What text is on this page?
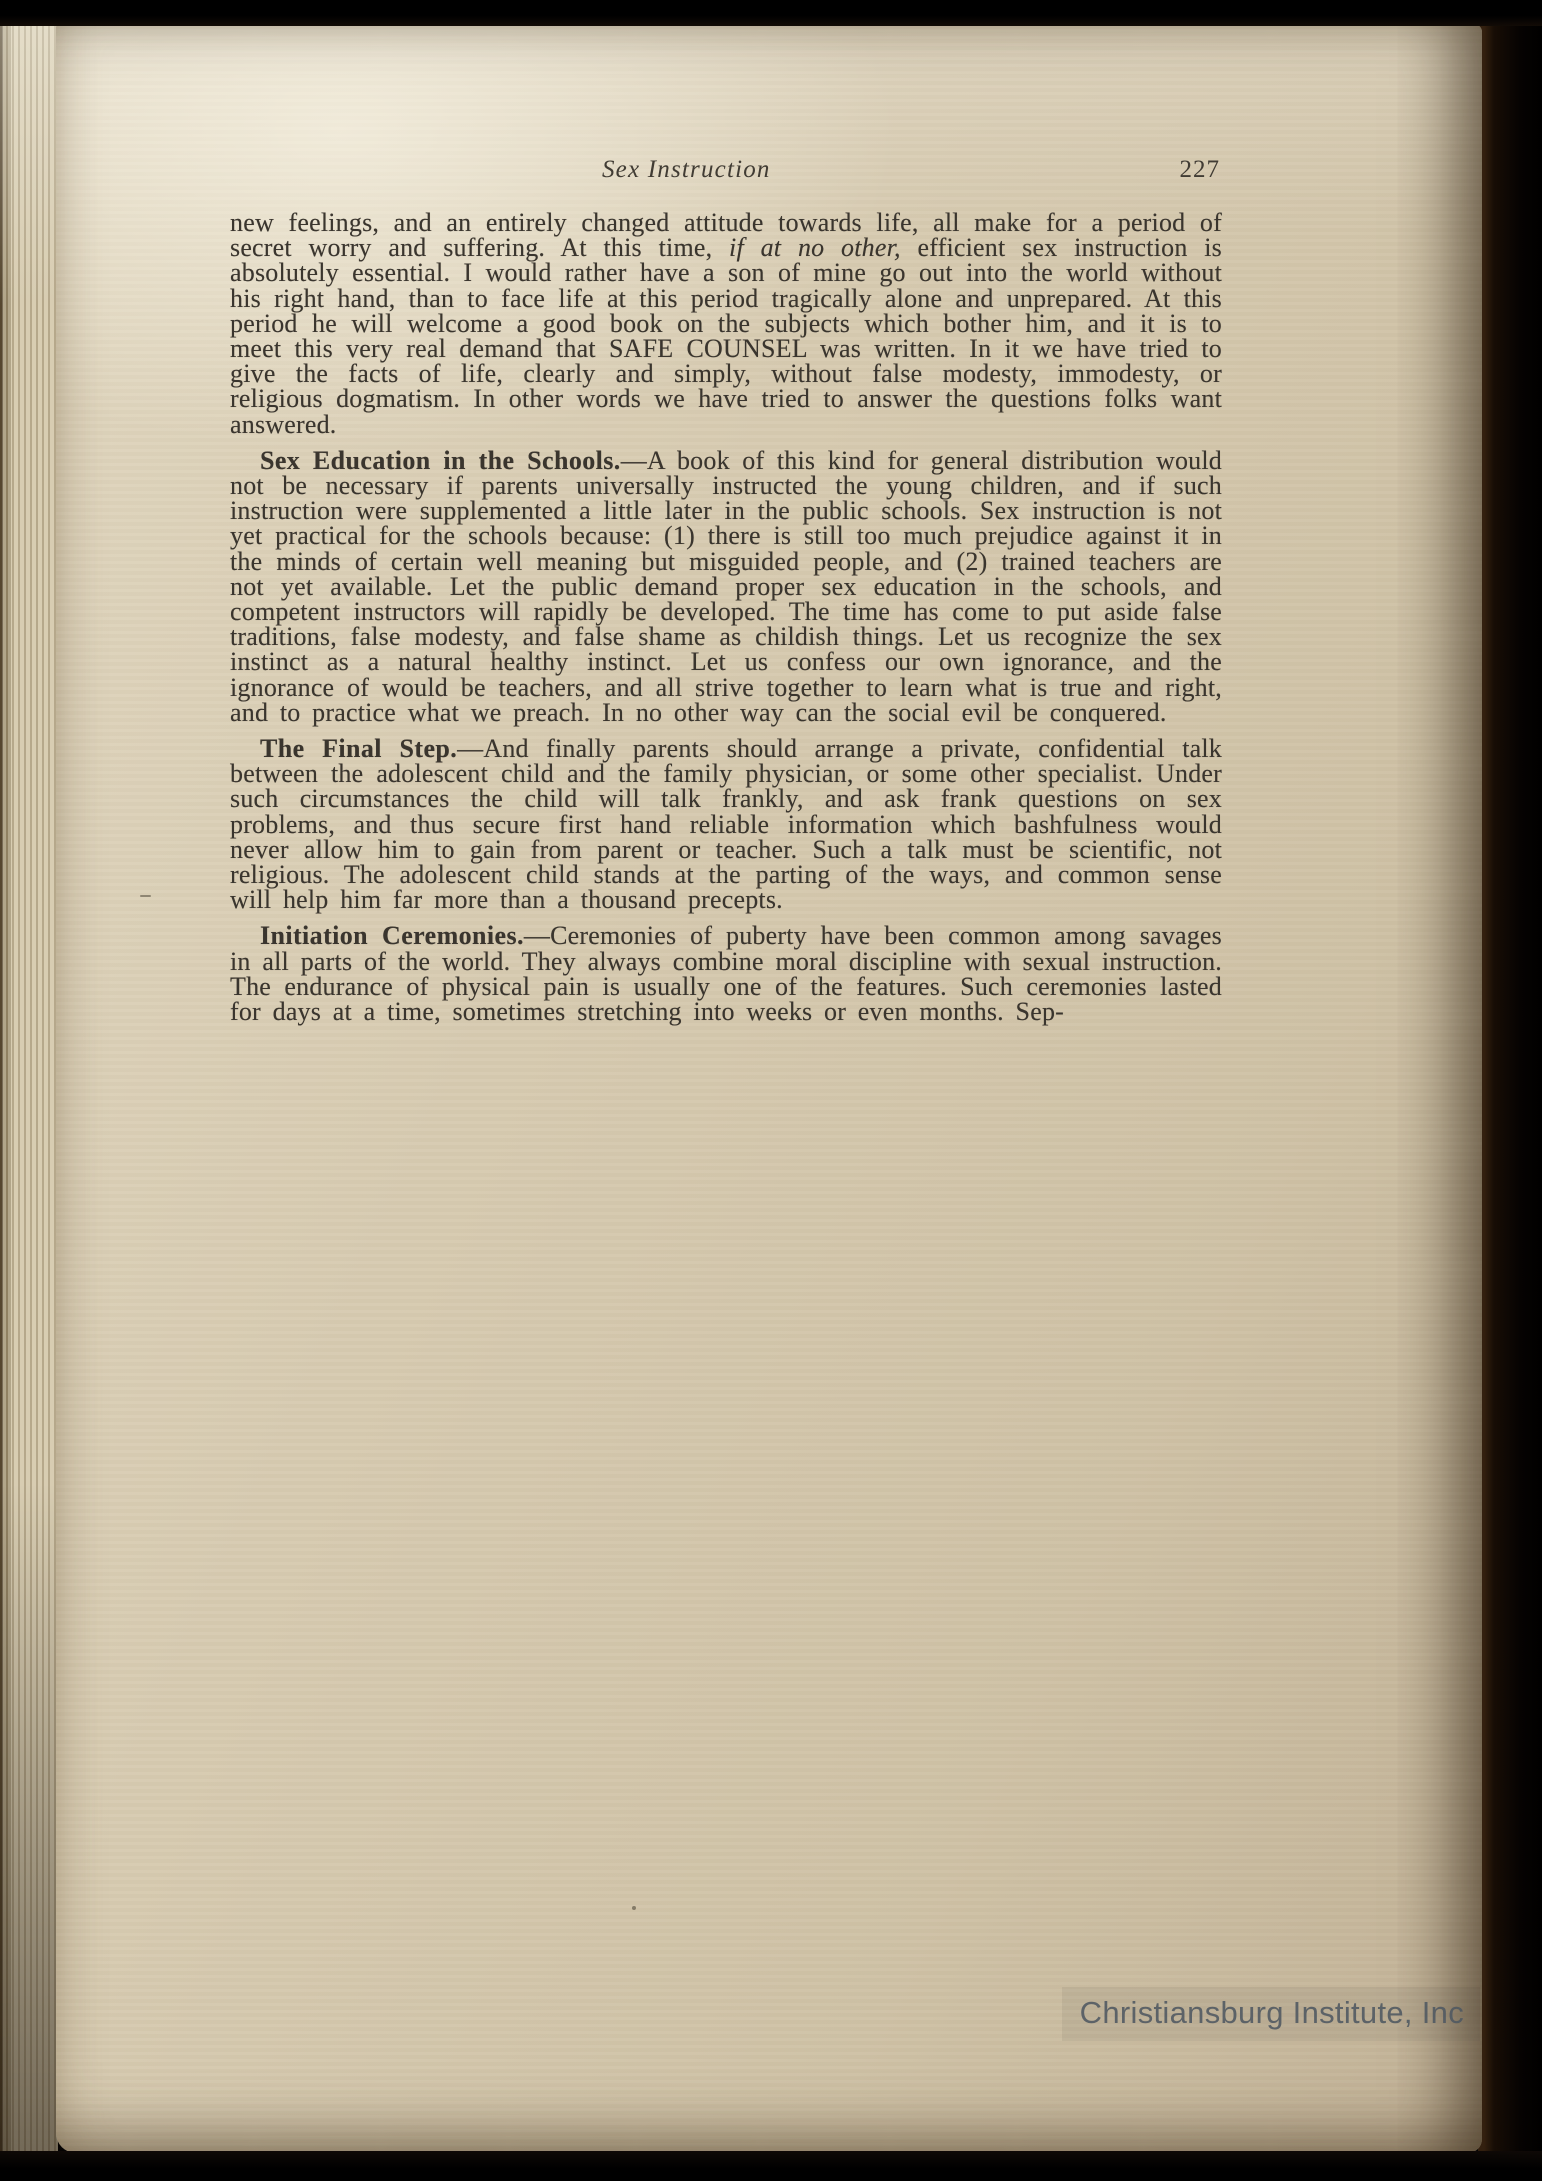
Sex Instruction	227

new feelings, and an entirely changed attitude towards life, all make for a period of secret worry and suffering. At this time, if at no other, efficient sex instruction is absolutely essential. I would rather have a son of mine go out into the world without his right hand, than to face life at this period tragically alone and unprepared. At this period he will welcome a good book on the subjects which bother him, and it is to meet this very real demand that SAFE COUNSEL was written. In it we have tried to give the facts of life, clearly and simply, without false modesty, immodesty, or religious dogmatism. In other words we have tried to answer the questions folks want answered.

Sex Education in the Schools.—A book of this kind for general distribution would not be necessary if parents universally instructed the young children, and if such instruction were supplemented a little later in the public schools. Sex instruction is not yet practical for the schools because: (1) there is still too much prejudice against it in the minds of certain well meaning but misguided people, and (2) trained teachers are not yet available. Let the public demand proper sex education in the schools, and competent instructors will rapidly be developed. The time has come to put aside false traditions, false modesty, and false shame as childish things. Let us recognize the sex instinct as a natural healthy instinct. Let us confess our own ignorance, and the ignorance of would be teachers, and all strive together to learn what is true and right, and to practice what we preach. In no other way can the social evil be conquered.

The Final Step.—And finally parents should arrange a private, confidential talk between the adolescent child and the family physician, or some other specialist. Under such circumstances the child will talk frankly, and ask frank questions on sex problems, and thus secure first hand reliable information which bashfulness would never allow him to gain from parent or teacher. Such a talk must be scientific, not religious. The adolescent child stands at the parting of the ways, and common sense will help him far more than a thousand precepts.

Initiation Ceremonies.—Ceremonies of puberty have been common among savages in all parts of the world. They always combine moral discipline with sexual instruction. The endurance of physical pain is usually one of the features. Such ceremonies lasted for days at a time, sometimes stretching into weeks or even months. Sep-

Christiansburg Institute, Inc
